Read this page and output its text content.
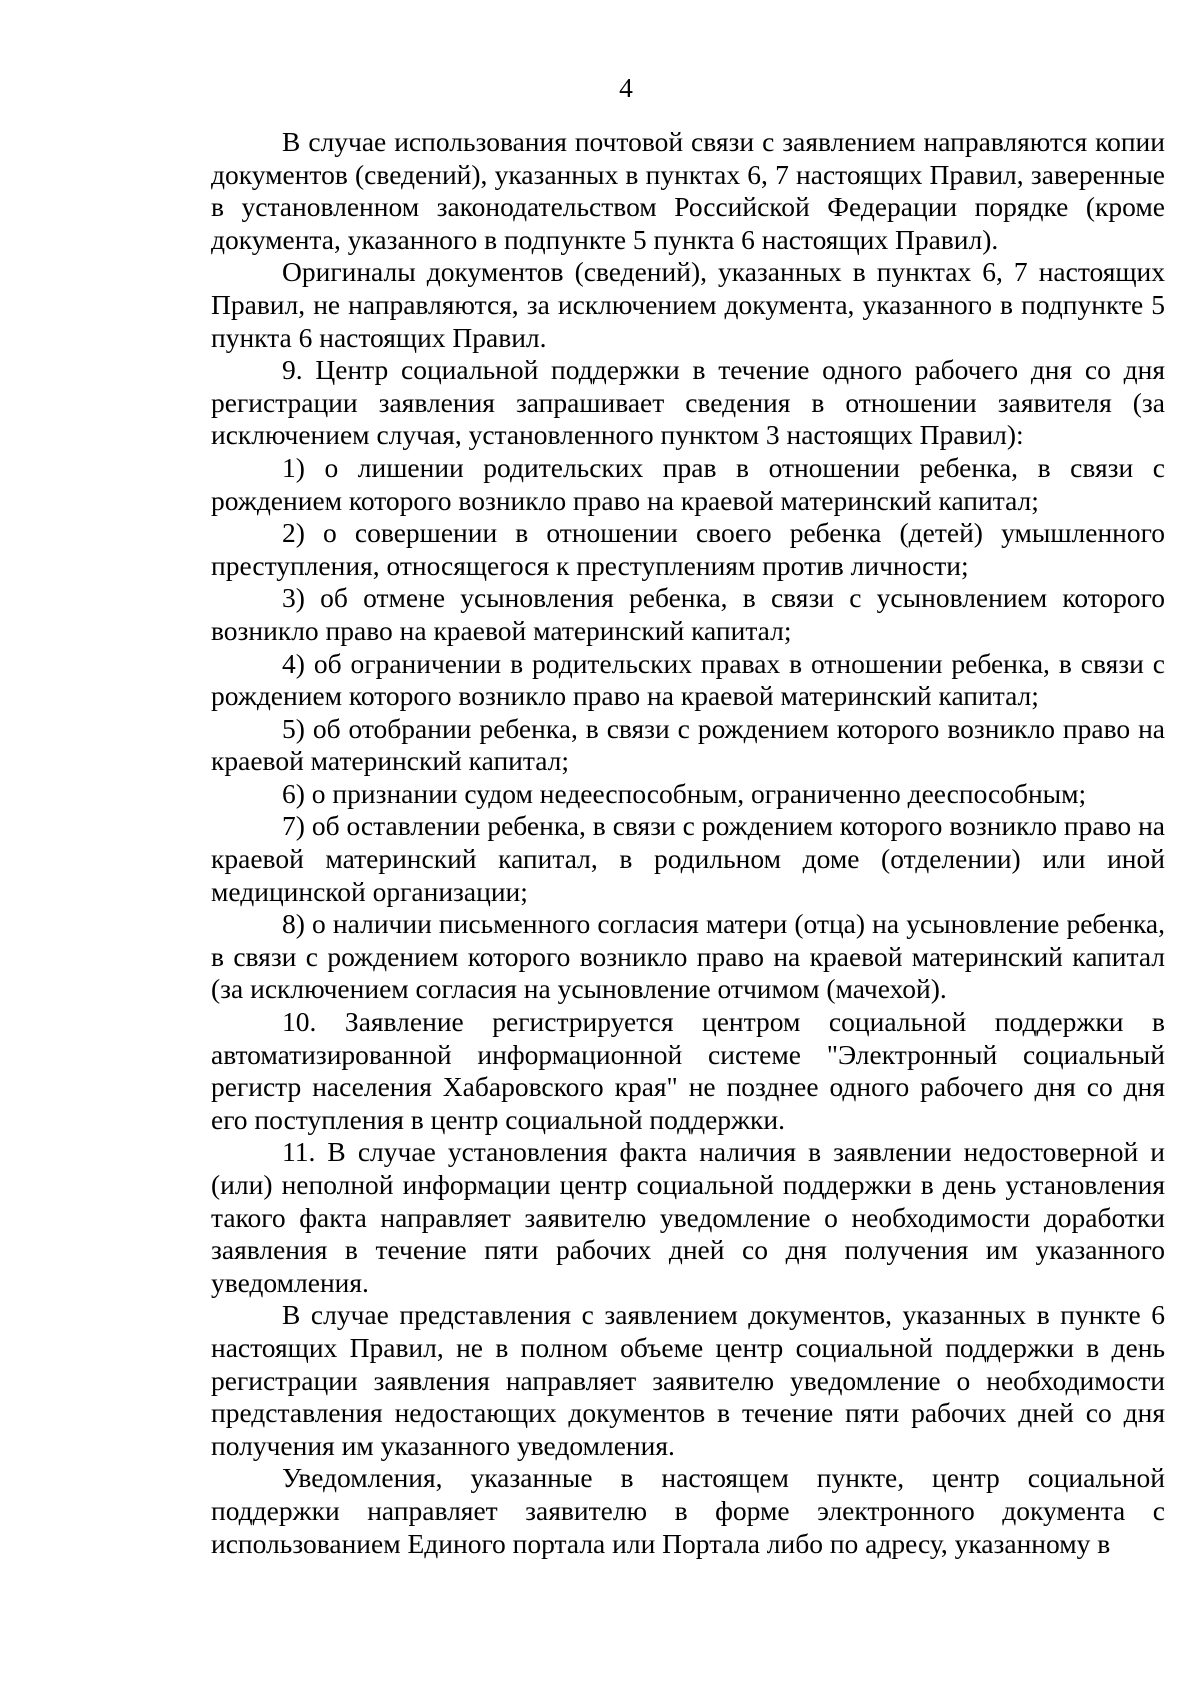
4

В случае использования почтовой связи с заявлением направляются копии документов (сведений), указанных в пунктах 6, 7 настоящих Правил, заверенные в установленном законодательством Российской Федерации порядке (кроме документа, указанного в подпункте 5 пункта 6 настоящих Правил).

Оригиналы документов (сведений), указанных в пунктах 6, 7 настоящих Правил, не направляются, за исключением документа, указанного в подпункте 5 пункта 6 настоящих Правил.

9. Центр социальной поддержки в течение одного рабочего дня со дня регистрации заявления запрашивает сведения в отношении заявителя (за исключением случая, установленного пунктом 3 настоящих Правил):

1) о лишении родительских прав в отношении ребенка, в связи с рождением которого возникло право на краевой материнский капитал;

2) о совершении в отношении своего ребенка (детей) умышленного преступления, относящегося к преступлениям против личности;

3) об отмене усыновления ребенка, в связи с усыновлением которого возникло право на краевой материнский капитал;

4) об ограничении в родительских правах в отношении ребенка, в связи с рождением которого возникло право на краевой материнский капитал;

5) об отобрании ребенка, в связи с рождением которого возникло право на краевой материнский капитал;

6) о признании судом недееспособным, ограниченно дееспособным;

7) об оставлении ребенка, в связи с рождением которого возникло право на краевой материнский капитал, в родильном доме (отделении) или иной медицинской организации;

8) о наличии письменного согласия матери (отца) на усыновление ребенка, в связи с рождением которого возникло право на краевой материнский капитал (за исключением согласия на усыновление отчимом (мачехой).

10. Заявление регистрируется центром социальной поддержки в автоматизированной информационной системе "Электронный социальный регистр населения Хабаровского края" не позднее одного рабочего дня со дня его поступления в центр социальной поддержки.

11. В случае установления факта наличия в заявлении недостоверной и (или) неполной информации центр социальной поддержки в день установления такого факта направляет заявителю уведомление о необходимости доработки заявления в течение пяти рабочих дней со дня получения им указанного уведомления.

В случае представления с заявлением документов, указанных в пункте 6 настоящих Правил, не в полном объеме центр социальной поддержки в день регистрации заявления направляет заявителю уведомление о необходимости представления недостающих документов в течение пяти рабочих дней со дня получения им указанного уведомления.

Уведомления, указанные в настоящем пункте, центр социальной поддержки направляет заявителю в форме электронного документа с использованием Единого портала или Портала либо по адресу, указанному в
